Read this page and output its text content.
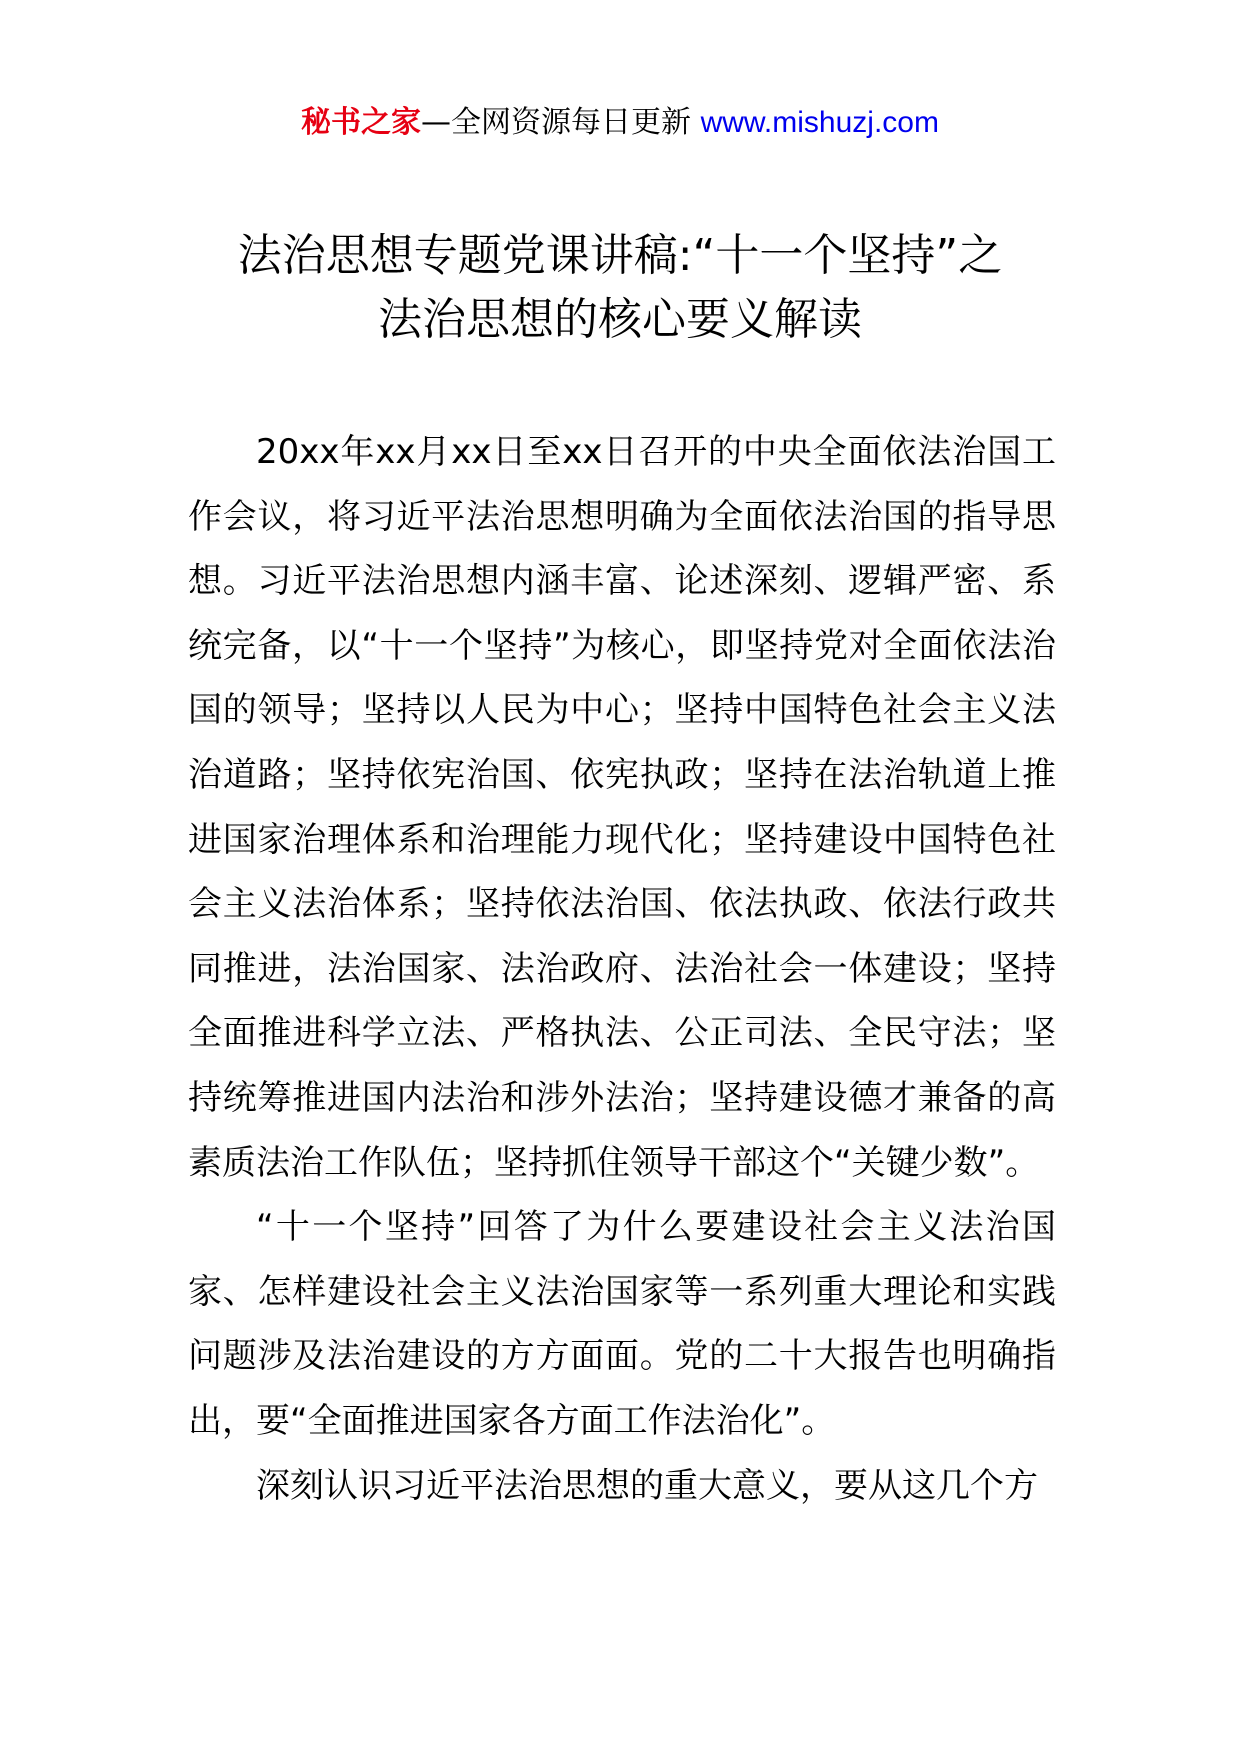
秘书之家—全网资源每日更新 www.mishuzj.com
法治思想专题党课讲稿:“十一个坚持”之
法治思想的核心要义解读

20xx年xx月xx日至xx日召开的中央全面依法治国工作会议，将习近平法治思想明确为全面依法治国的指导思想。习近平法治思想内涵丰富、论述深刻、逻辑严密、系统完备，以“十一个坚持”为核心，即坚持党对全面依法治国的领导；坚持以人民为中心；坚持中国特色社会主义法治道路；坚持依宪治国、依宪执政；坚持在法治轨道上推进国家治理体系和治理能力现代化；坚持建设中国特色社会主义法治体系；坚持依法治国、依法执政、依法行政共同推进，法治国家、法治政府、法治社会一体建设；坚持全面推进科学立法、严格执法、公正司法、全民守法；坚持统筹推进国内法治和涉外法治；坚持建设德才兼备的高素质法治工作队伍；坚持抓住领导干部这个“关键少数”。

“十一个坚持”回答了为什么要建设社会主义法治国家、怎样建设社会主义法治国家等一系列重大理论和实践问题涉及法治建设的方方面面。党的二十大报告也明确指出，要“全面推进国家各方面工作法治化”。

深刻认识习近平法治思想的重大意义，要从这几个方
